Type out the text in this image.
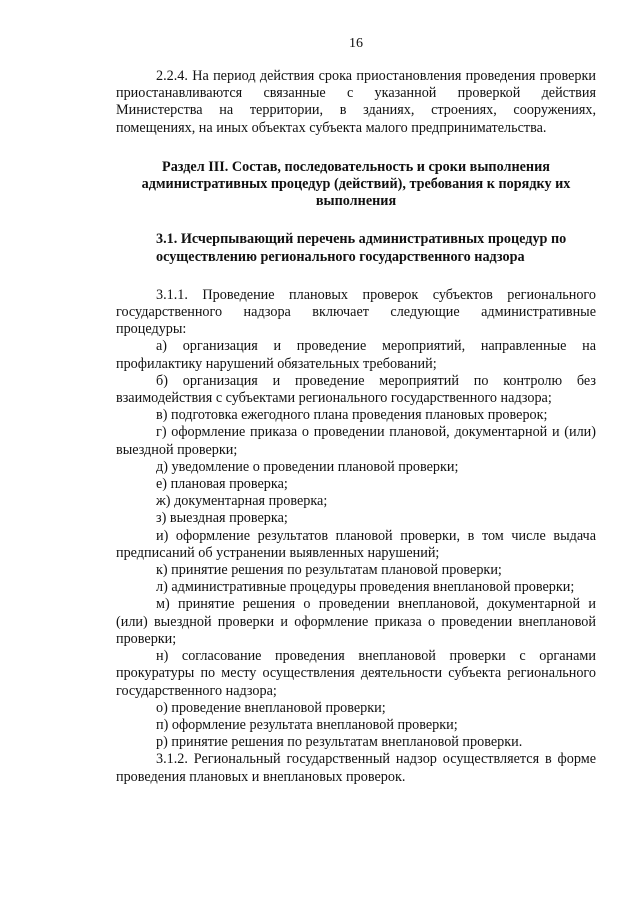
16

2.2.4. На период действия срока приостановления проведения проверки приостанавливаются связанные с указанной проверкой действия Министерства на территории, в зданиях, строениях, сооружениях, помещениях, на иных объектах субъекта малого предпринимательства.

Раздел III. Состав, последовательность и сроки выполнения административных процедур (действий), требования к порядку их выполнения
3.1. Исчерпывающий перечень административных процедур по осуществлению регионального государственного надзора

3.1.1. Проведение плановых проверок субъектов регионального государственного надзора включает следующие административные процедуры:

а) организация и проведение мероприятий, направленные на профилактику нарушений обязательных требований;

б) организация и проведение мероприятий по контролю без взаимодействия с субъектами регионального государственного надзора;

в) подготовка ежегодного плана проведения плановых проверок;

г) оформление приказа о проведении плановой, документарной и (или) выездной проверки;

д) уведомление о проведении плановой проверки;

е) плановая проверка;

ж) документарная проверка;

з) выездная проверка;

и) оформление результатов плановой проверки, в том числе выдача предписаний об устранении выявленных нарушений;

к) принятие решения по результатам плановой проверки;

л) административные процедуры проведения внеплановой проверки;

м) принятие решения о проведении внеплановой, документарной и (или) выездной проверки и оформление приказа о проведении внеплановой проверки;

н) согласование проведения внеплановой проверки с органами прокуратуры по месту осуществления деятельности субъекта регионального государственного надзора;

о) проведение внеплановой проверки;

п) оформление результата внеплановой проверки;

р) принятие решения по результатам внеплановой проверки.

3.1.2. Региональный государственный надзор осуществляется в форме проведения плановых и внеплановых проверок.
